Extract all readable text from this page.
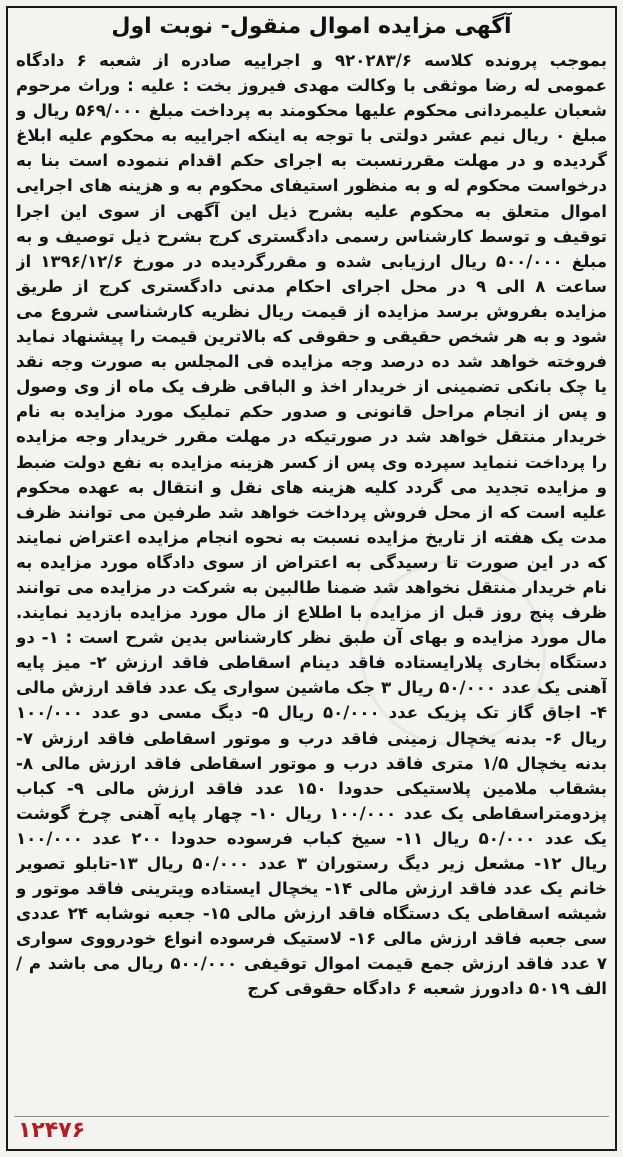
آگهی مزایده اموال منقول- نوبت اول
بموجب پرونده کلاسه ۹۲۰۲۸۳/۶ و اجراییه صادره از شعبه ۶ دادگاه عمومی له رضا موثقی با وکالت مهدی فیروز بخت : علیه : وراث مرحوم شعبان علیمردانی محکوم علیها محکومند به پرداخت مبلغ ۵۶۹/۰۰۰ ریال و مبلغ ۰ ریال نیم عشر دولتی با توجه به اینکه اجراییه به محکوم علیه ابلاغ گردیده و در مهلت مقررنسبت به اجرای حکم اقدام ننموده است بنا به درخواست محکوم له و به منظور استیفای محکوم به و هزینه های اجرایی اموال متعلق به محکوم علیه بشرح ذیل این آگهی از سوی این اجرا توقیف و توسط کارشناس رسمی دادگستری کرج بشرح ذیل توصیف و به مبلغ ۵۰۰/۰۰۰ ریال ارزیابی شده و مقررگردیده در مورخ ۱۳۹۶/۱۲/۶ از ساعت ۸ الی ۹ در محل اجرای احکام مدنی دادگستری کرج از طریق مزایده بفروش برسد مزایده از قیمت ریال نظریه کارشناسی شروع می شود و به هر شخص حقیقی و حقوقی که بالاترین قیمت را پیشنهاد نماید فروخته خواهد شد ده درصد وجه مزایده فی المجلس به صورت وجه نقد یا چک بانکی تضمینی از خریدار اخذ و الباقی ظرف یک ماه از وی وصول و پس از انجام مراحل قانونی و صدور حکم تملیک مورد مزایده به نام خریدار منتقل خواهد شد در صورتیکه در مهلت مقرر خریدار وجه مزایده را پرداخت ننماید سپرده وی پس از کسر هزینه مزایده به نفع دولت ضبط و مزایده تجدید می گردد کلیه هزینه های نقل و انتقال به عهده محکوم علیه است که از محل فروش پرداخت خواهد شد طرفین می توانند ظرف مدت یک هفته از تاریخ مزایده نسبت به نحوه انجام مزایده اعتراض نمایند که در این صورت تا رسیدگی به اعتراض از سوی دادگاه مورد مزایده به نام خریدار منتقل نخواهد شد ضمنا طالبین به شرکت در مزایده می توانند ظرف پنج روز قبل از مزایده با اطلاع از مال مورد مزایده بازدید نمایند. مال مورد مزایده و بهای آن طبق نظر کارشناس بدین شرح است : ۱- دو دستگاه بخاری پلارایستاده فاقد دینام اسقاطی فاقد ارزش ۲- میز پایه آهنی یک عدد ۵۰/۰۰۰ ریال ۳ جک ماشین سواری یک عدد فاقد ارزش مالی ۴- اجاق گاز تک پزیک عدد ۵۰/۰۰۰ ریال ۵- دیگ مسی دو عدد ۱۰۰/۰۰۰ ریال ۶- بدنه یخچال زمینی فاقد درب و موتور اسقاطی فاقد ارزش ۷- بدنه یخچال ۱/۵ متری فاقد درب و موتور اسقاطی فاقد ارزش مالی ۸- بشقاب ملامین پلاستیکی حدودا ۱۵۰ عدد فاقد ارزش مالی ۹- کباب پزدومتراسقاطی یک عدد ۱۰۰/۰۰۰ ریال ۱۰- چهار پایه آهنی چرخ گوشت یک عدد ۵۰/۰۰۰ ریال ۱۱- سیخ کباب فرسوده حدودا ۲۰۰ عدد ۱۰۰/۰۰۰ ریال ۱۲- مشعل زیر دیگ رستوران ۳ عدد ۵۰/۰۰۰ ریال ۱۳-تابلو تصویر خانم یک عدد فاقد ارزش مالی ۱۴- یخچال ایستاده ویترینی فاقد موتور و شیشه اسقاطی یک دستگاه فاقد ارزش مالی ۱۵- جعبه نوشابه ۲۴ عددی سی جعبه فاقد ارزش مالی ۱۶- لاستیک فرسوده انواع خودرووی سواری ۷ عدد فاقد ارزش جمع قیمت اموال توقیفی ۵۰۰/۰۰۰ ریال می باشد م / الف ۵۰۱۹ دادورز شعبه ۶ دادگاه حقوقی کرج
۱۲۴۷۶
